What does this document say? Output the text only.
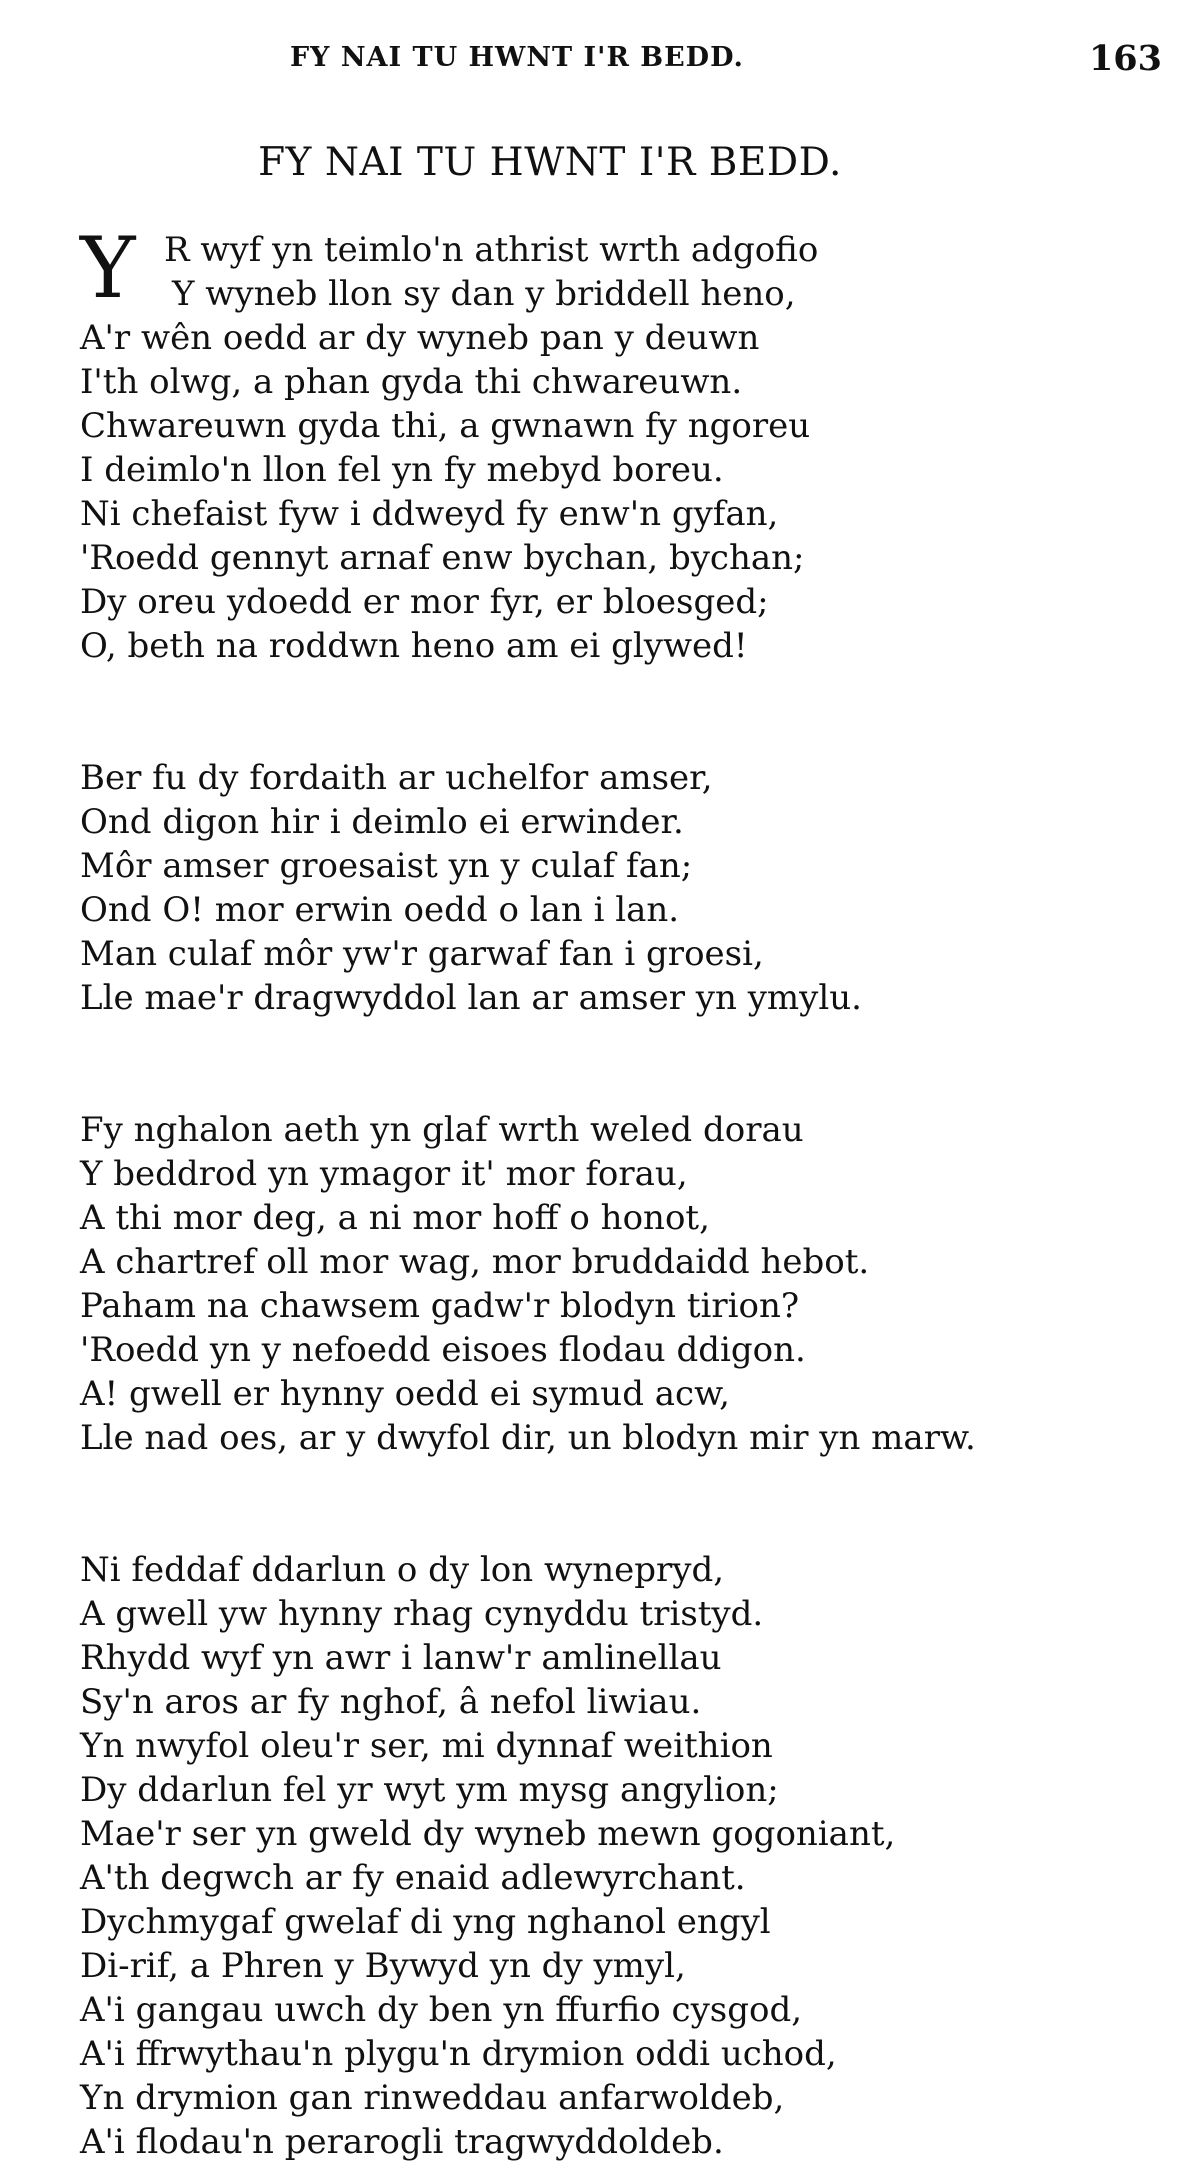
FY NAI TU HWNT I'R BEDD.	163
FY NAI TU HWNT I'R BEDD.
Y R wyf yn teimlo'n athrist wrth adgofio
Y wyneb llon sy dan y briddell heno,
A'r wên oedd ar dy wyneb pan y deuwn
I'th olwg, a phan gyda thi chwareuwn.
Chwareuwn gyda thi, a gwnawn fy ngoreu
I deimlo'n llon fel yn fy mebyd boreu.
Ni chefaist fyw i ddweyd fy enw'n gyfan,
'Roedd gennyt arnaf enw bychan, bychan;
Dy oreu ydoedd er mor fyr, er bloesged;
O, beth na roddwn heno am ei glywed!
Ber fu dy fordaith ar uchelfor amser,
Ond digon hir i deimlo ei erwinder.
Môr amser groesaist yn y culaf fan;
Ond O! mor erwin oedd o lan i lan.
Man culaf môr yw'r garwaf fan i groesi,
Lle mae'r dragwyddol lan ar amser yn ymylu.
Fy nghalon aeth yn glaf wrth weled dorau
Y beddrod yn ymagor it' mor forau,
A thi mor deg, a ni mor hoff o honot,
A chartref oll mor wag, mor bruddaidd hebot.
Paham na chawsem gadw'r blodyn tirion?
'Roedd yn y nefoedd eisoes flodau ddigon.
A! gwell er hynny oedd ei symud acw,
Lle nad oes, ar y dwyfol dir, un blodyn mir yn marw.
Ni feddaf ddarlun o dy lon wynepryd,
A gwell yw hynny rhag cynyddu tristyd.
Rhydd wyf yn awr i lanw'r amlinellau
Sy'n aros ar fy nghof, â nefol liwiau.
Yn nwyfol oleu'r ser, mi dynnaf weithion
Dy ddarlun fel yr wyt ym mysg angylion;
Mae'r ser yn gweld dy wyneb mewn gogoniant,
A'th degwch ar fy enaid adlewyrchant.
Dychmygaf gwelaf di yng nghanol engyl
Di-rif, a Phren y Bywyd yn dy ymyl,
A'i gangau uwch dy ben yn ffurfio cysgod,
A'i ffrwythau'n plygu'n drymion oddi uchod,
Yn drymion gan rinweddau anfarwoldeb,
A'i flodau'n perarogli tragwyddoldeb.
